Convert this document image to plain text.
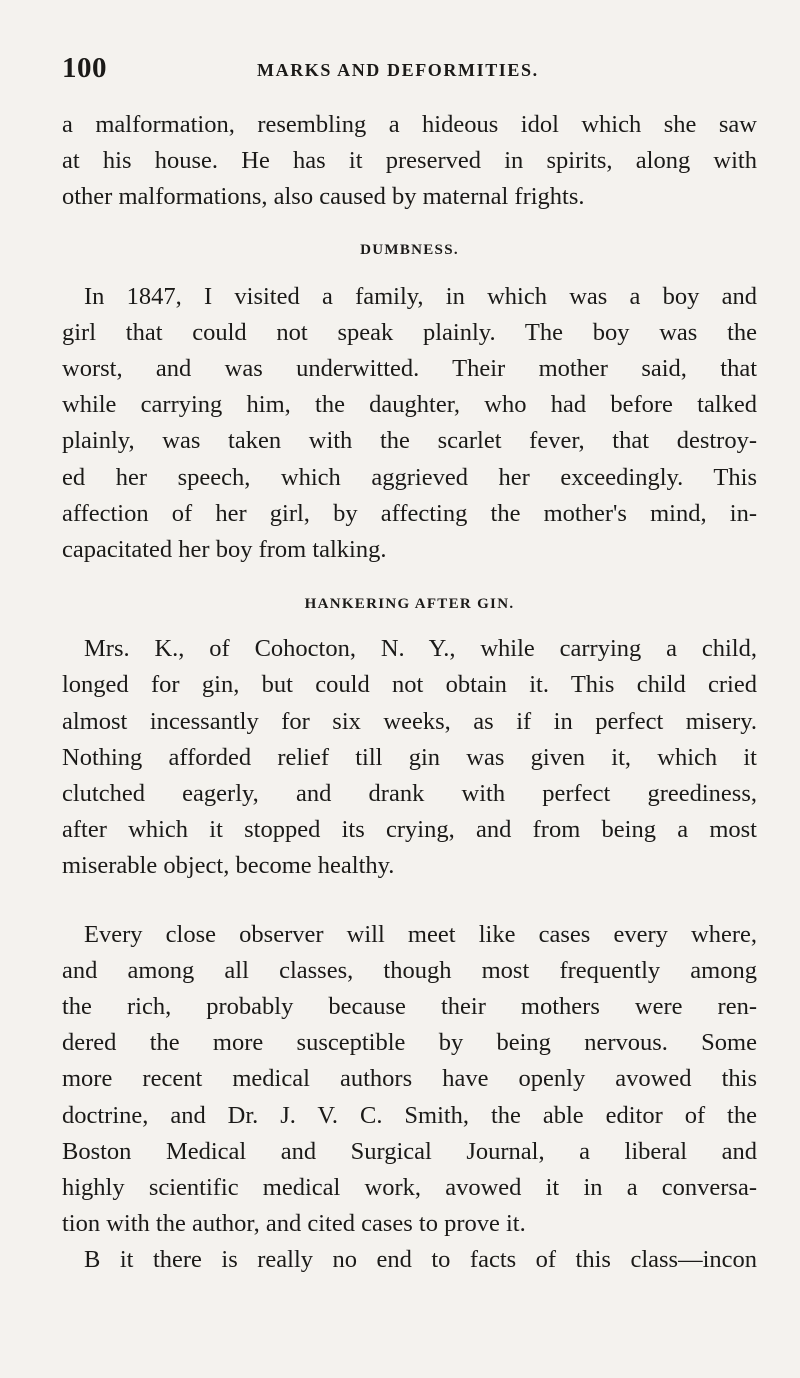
100	MARKS AND DEFORMITIES.

a malformation, resembling a hideous idol which she saw
at his house. He has it preserved in spirits, along with
other malformations, also caused by maternal frights.

DUMBNESS.

In 1847, I visited a family, in which was a boy and
girl that could not speak plainly. The boy was the
worst, and was underwitted. Their mother said, that
while carrying him, the daughter, who had before talked
plainly, was taken with the scarlet fever, that destroy-
ed her speech, which aggrieved her exceedingly. This
affection of her girl, by affecting the mother's mind, in-
capacitated her boy from talking.

HANKERING AFTER GIN.

Mrs. K., of Cohocton, N. Y., while carrying a child,
longed for gin, but could not obtain it. This child cried
almost incessantly for six weeks, as if in perfect misery.
Nothing afforded relief till gin was given it, which it
clutched eagerly, and drank with perfect greediness,
after which it stopped its crying, and from being a most
miserable object, become healthy.

Every close observer will meet like cases every where,
and among all classes, though most frequently among
the rich, probably because their mothers were ren-
dered the more susceptible by being nervous. Some
more recent medical authors have openly avowed this
doctrine, and Dr. J. V. C. Smith, the able editor of the
Boston Medical and Surgical Journal, a liberal and
highly scientific medical work, avowed it in a conversa-
tion with the author, and cited cases to prove it.
B it there is really no end to facts of this class—incon
